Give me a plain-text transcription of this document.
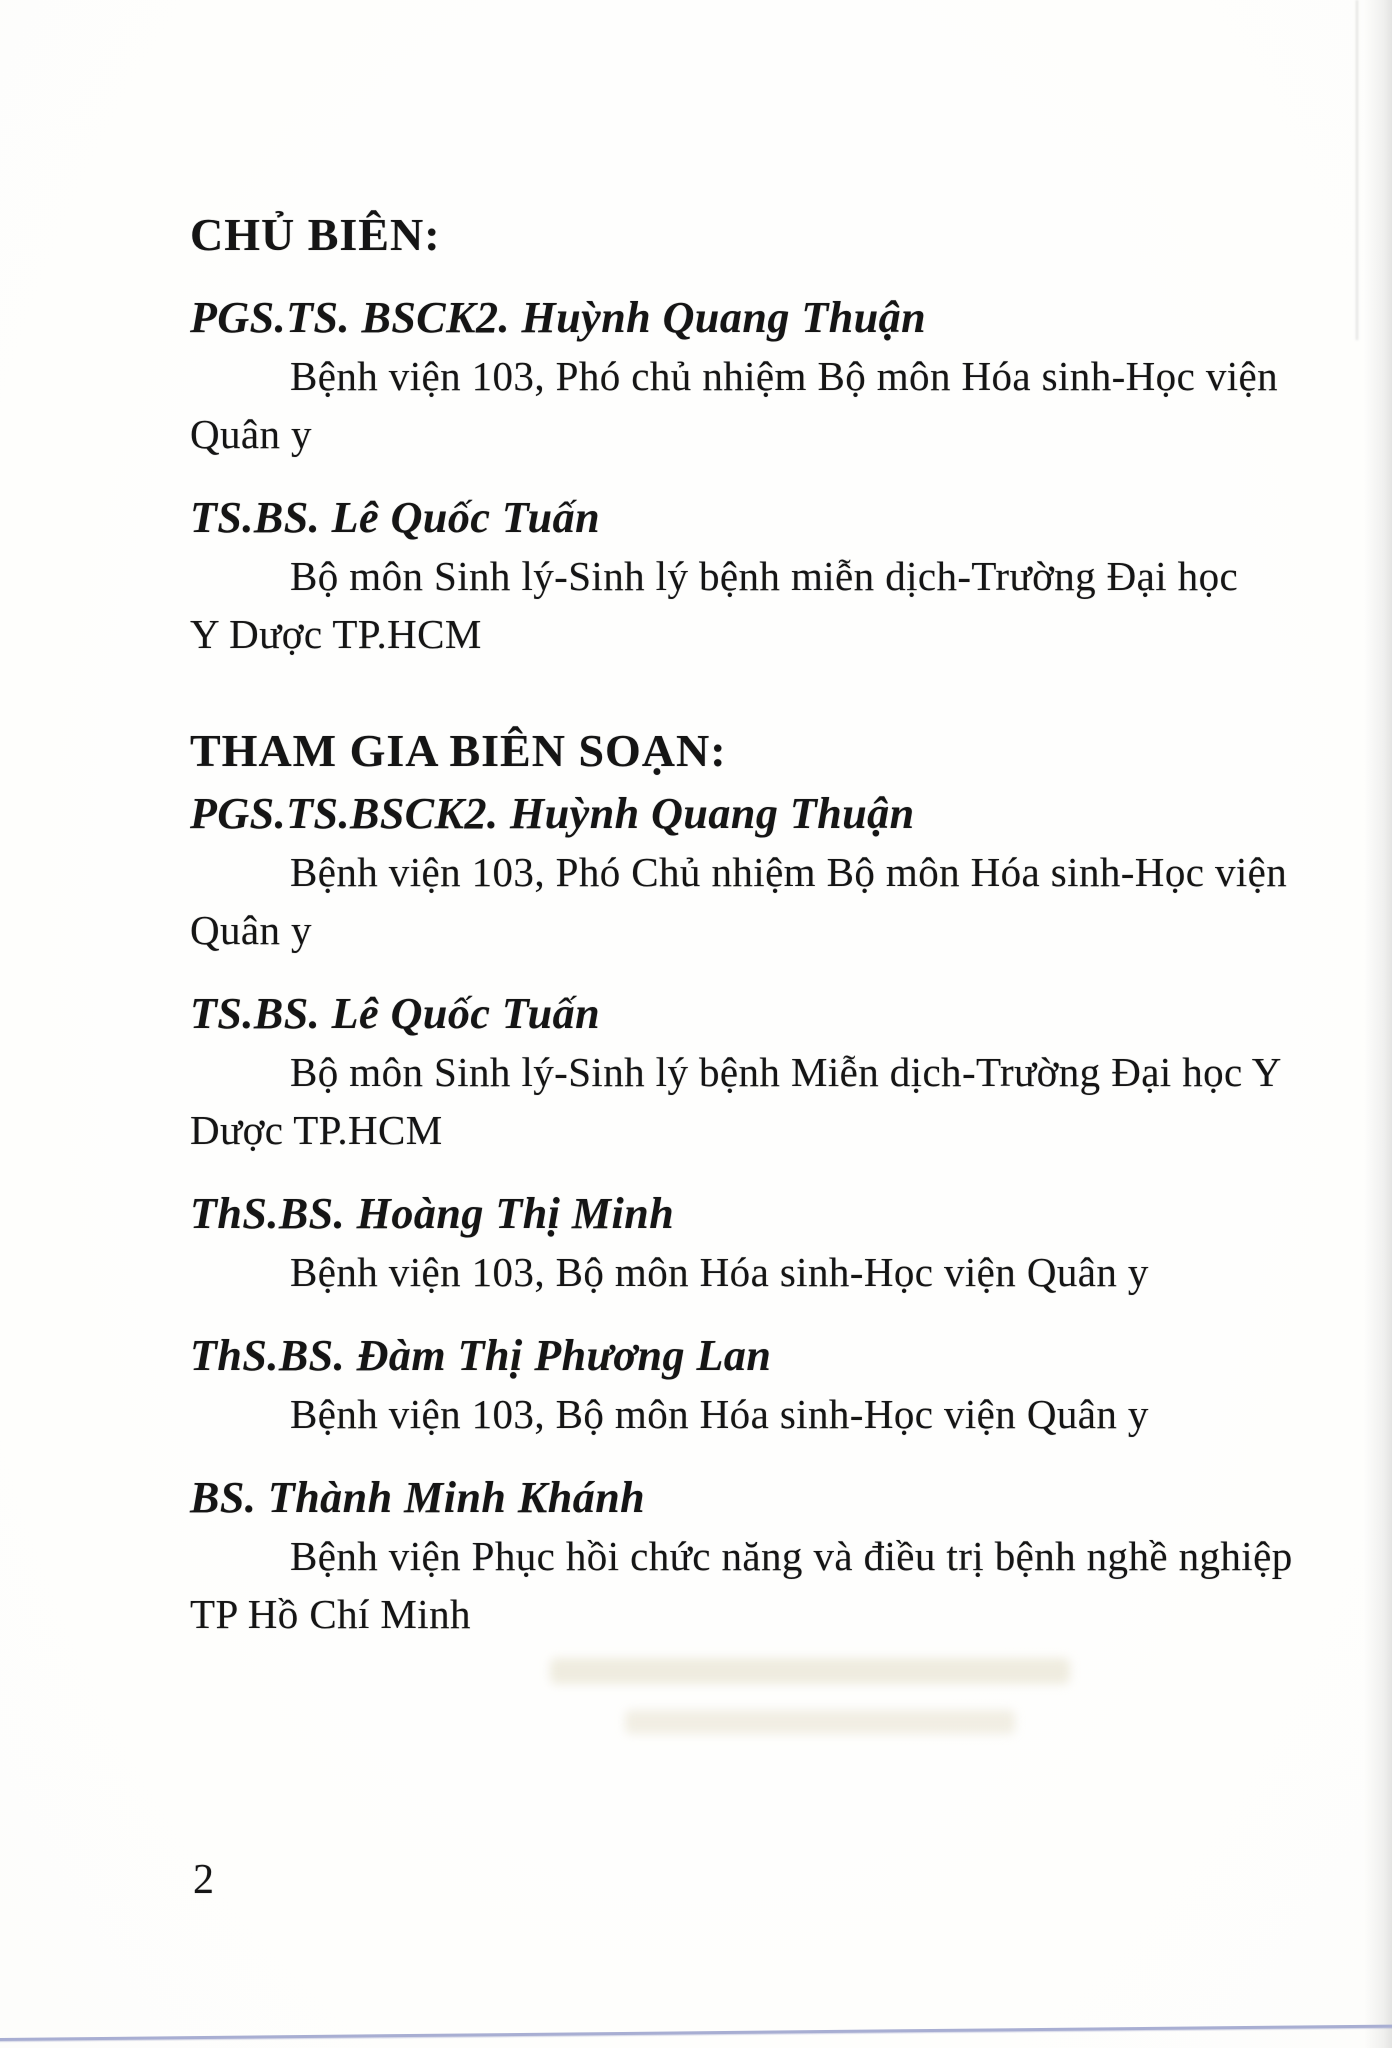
CHỦ BIÊN:
PGS.TS. BSCK2. Huỳnh Quang Thuận
Bệnh viện 103, Phó chủ nhiệm Bộ môn Hóa sinh-Học viện
Quân y
TS.BS. Lê Quốc Tuấn
Bộ môn Sinh lý-Sinh lý bệnh miễn dịch-Trường Đại học
Y Dược TP.HCM
THAM GIA BIÊN SOẠN:
PGS.TS.BSCK2. Huỳnh Quang Thuận
Bệnh viện 103, Phó Chủ nhiệm Bộ môn Hóa sinh-Học viện
Quân y
TS.BS. Lê Quốc Tuấn
Bộ môn Sinh lý-Sinh lý bệnh Miễn dịch-Trường Đại học Y
Dược TP.HCM
ThS.BS. Hoàng Thị Minh
Bệnh viện 103, Bộ môn Hóa sinh-Học viện Quân y
ThS.BS. Đàm Thị Phương Lan
Bệnh viện 103, Bộ môn Hóa sinh-Học viện Quân y
BS. Thành Minh Khánh
Bệnh viện Phục hồi chức năng và điều trị bệnh nghề nghiệp
TP Hồ Chí Minh
2
